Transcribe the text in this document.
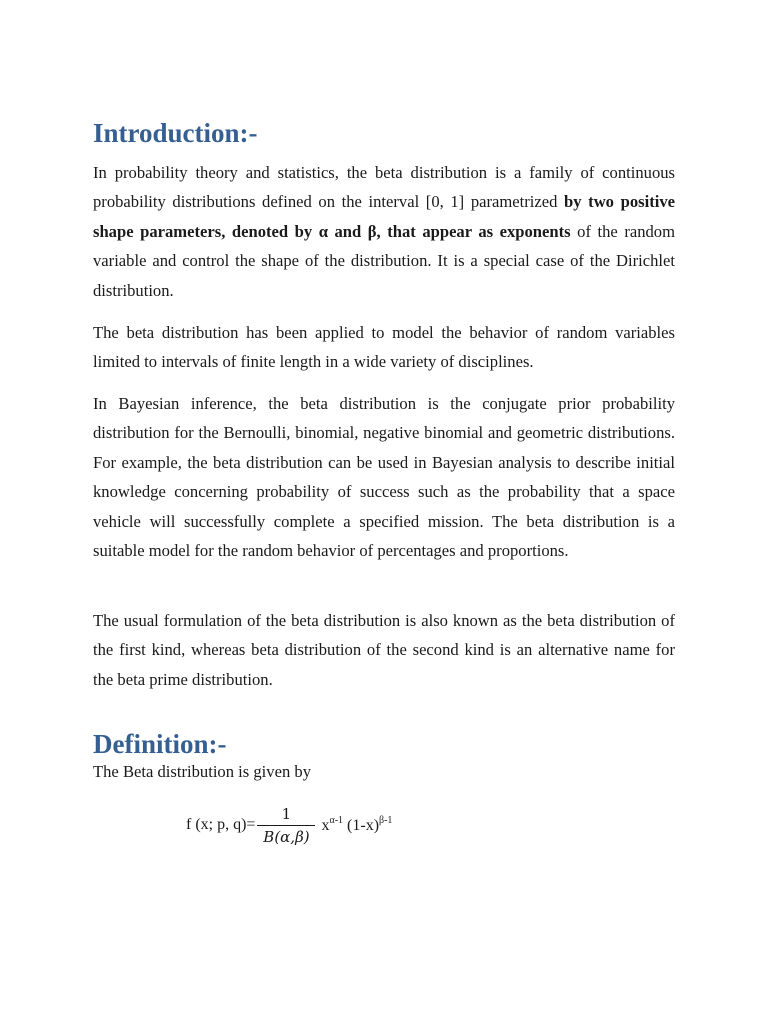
Introduction:-

In probability theory and statistics, the beta distribution is a family of continuous probability distributions defined on the interval [0, 1] parametrized by two positive shape parameters, denoted by α and β, that appear as exponents of the random variable and control the shape of the distribution. It is a special case of the Dirichlet distribution.

The beta distribution has been applied to model the behavior of random variables limited to intervals of finite length in a wide variety of disciplines.

In Bayesian inference, the beta distribution is the conjugate prior probability distribution for the Bernoulli, binomial, negative binomial and geometric distributions. For example, the beta distribution can be used in Bayesian analysis to describe initial knowledge concerning probability of success such as the probability that a space vehicle will successfully complete a specified mission. The beta distribution is a suitable model for the random behavior of percentages and proportions.

The usual formulation of the beta distribution is also known as the beta distribution of the first kind, whereas beta distribution of the second kind is an alternative name for the beta prime distribution.

Definition:-

The Beta distribution is given by

f (x; p, $q)= \frac{1}{B(\alpha,\beta)} x^{\alpha-1}$ $(1-x)^{\beta-1}$
